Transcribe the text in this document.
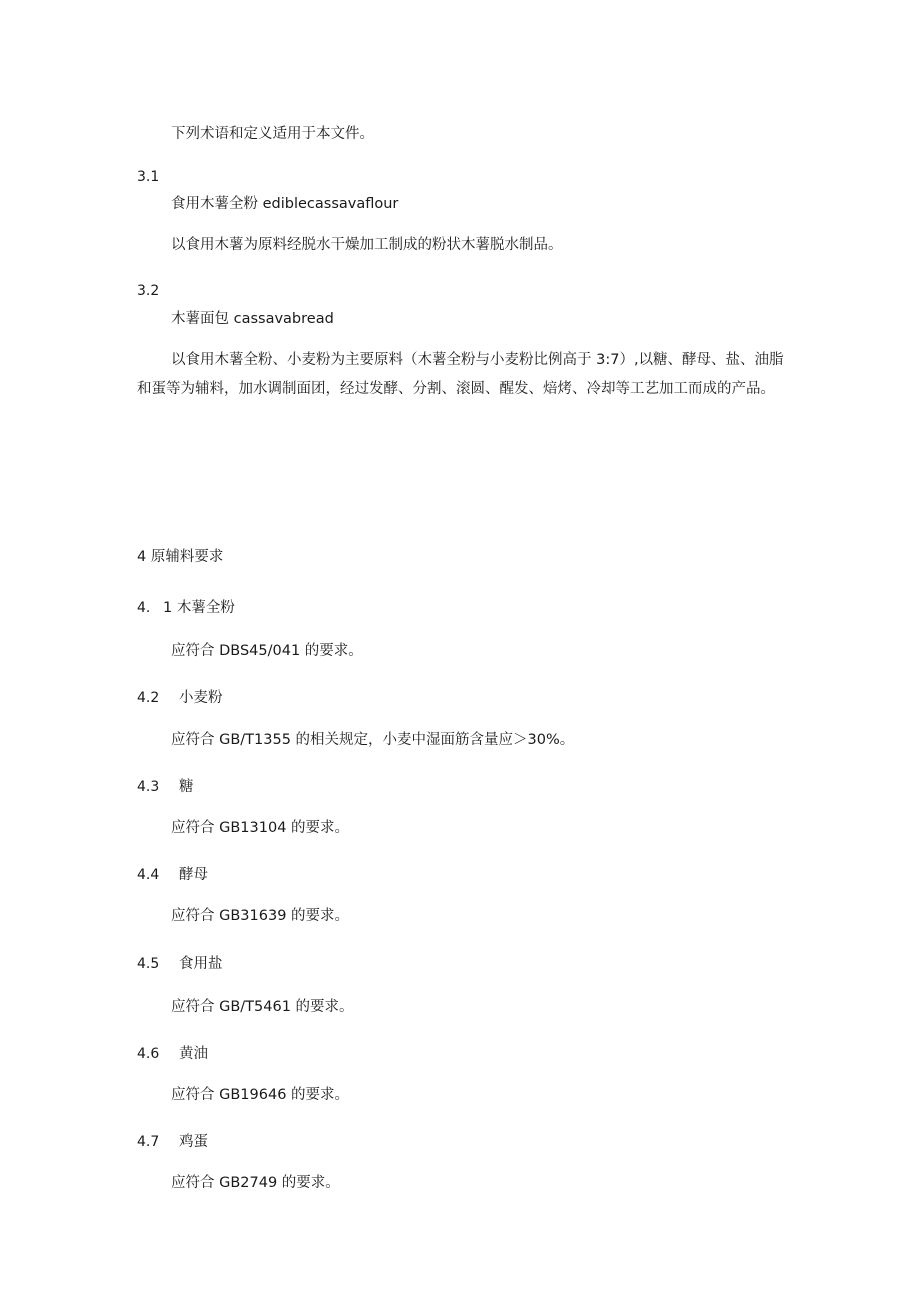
下列术语和定义适用于本文件。
3.1
食用木薯全粉 ediblecassavaflour
以食用木薯为原料经脱水干燥加工制成的粉状木薯脱水制品。
3.2
木薯面包 cassavabread
以食用木薯全粉、小麦粉为主要原料（木薯全粉与小麦粉比例高于 3:7）,以糖、酵母、盐、油脂和蛋等为辅料，加水调制面团，经过发酵、分割、滚圆、醒发、焙烤、冷却等工艺加工而成的产品。
4 原辅料要求
4. 1 木薯全粉
应符合 DBS45/041 的要求。
4.2 小麦粉
应符合 GB/T1355 的相关规定，小麦中湿面筋含量应＞30%。
4.3 糖
应符合 GB13104 的要求。
4.4 酵母
应符合 GB31639 的要求。
4.5 食用盐
应符合 GB/T5461 的要求。
4.6 黄油
应符合 GB19646 的要求。
4.7 鸡蛋
应符合 GB2749 的要求。
